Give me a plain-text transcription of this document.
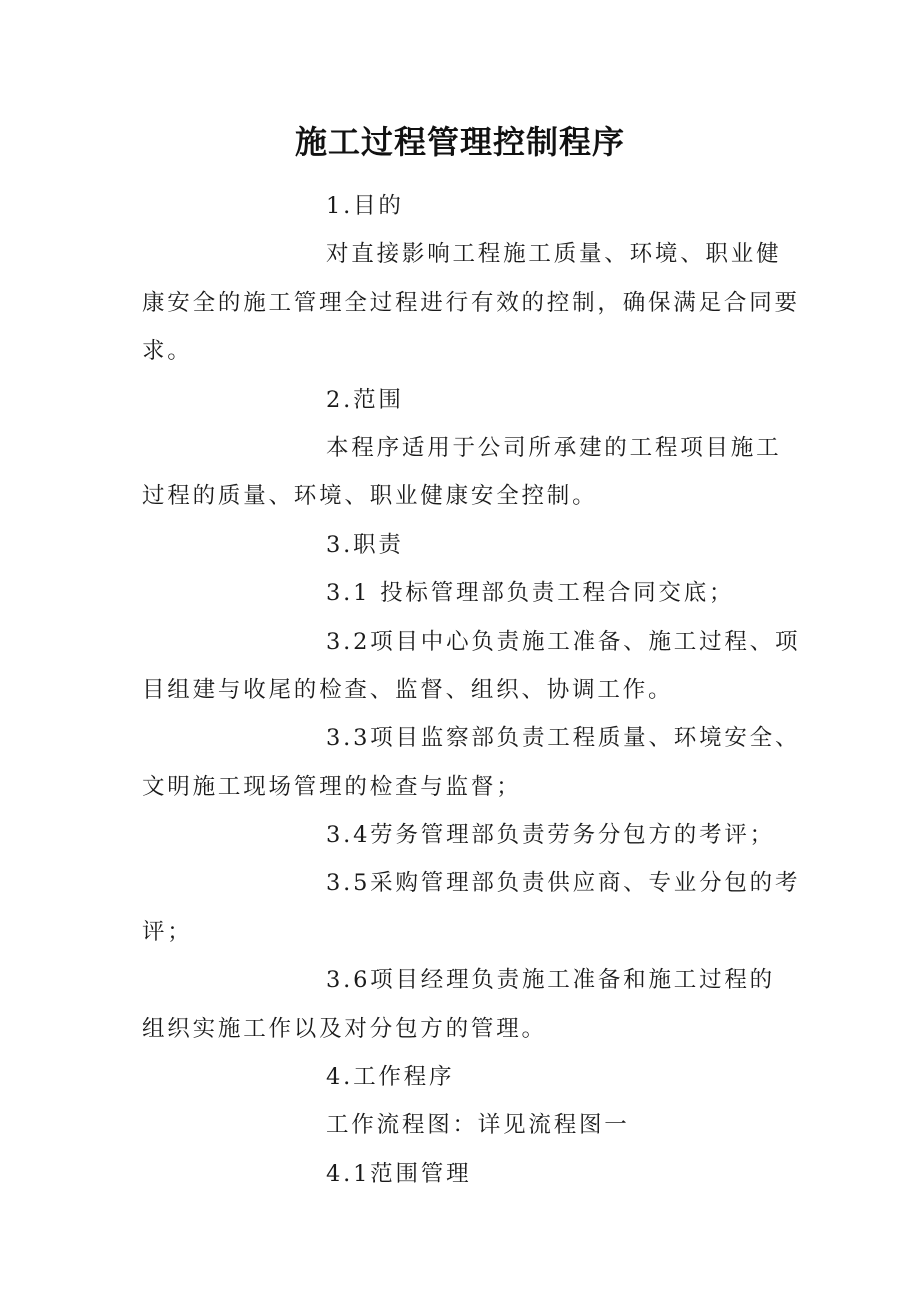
施工过程管理控制程序
1.目的
对直接影响工程施工质量、环境、职业健
康安全的施工管理全过程进行有效的控制，确保满足合同要
求。
2.范围
本程序适用于公司所承建的工程项目施工
过程的质量、环境、职业健康安全控制。
3.职责
3.1 投标管理部负责工程合同交底；
3.2项目中心负责施工准备、施工过程、项
目组建与收尾的检查、监督、组织、协调工作。
3.3项目监察部负责工程质量、环境安全、
文明施工现场管理的检查与监督；
3.4劳务管理部负责劳务分包方的考评；
3.5采购管理部负责供应商、专业分包的考
评；
3.6项目经理负责施工准备和施工过程的
组织实施工作以及对分包方的管理。
4.工作程序
工作流程图：详见流程图一
4.1范围管理
